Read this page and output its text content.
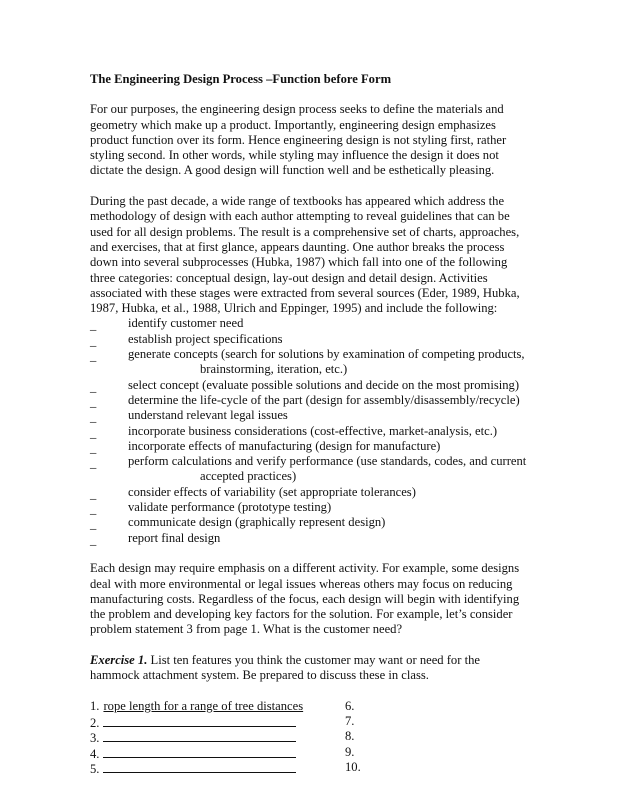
The Engineering Design Process –Function before Form

For our purposes, the engineering design process seeks to define the materials and geometry which make up a product. Importantly, engineering design emphasizes product function over its form. Hence engineering design is not styling first, rather styling second. In other words, while styling may influence the design it does not dictate the design. A good design will function well and be esthetically pleasing.

During the past decade, a wide range of textbooks has appeared which address the methodology of design with each author attempting to reveal guidelines that can be used for all design problems. The result is a comprehensive set of charts, approaches, and exercises, that at first glance, appears daunting. One author breaks the process down into several subprocesses (Hubka, 1987) which fall into one of the following three categories: conceptual design, lay-out design and detail design. Activities associated with these stages were extracted from several sources (Eder, 1989, Hubka, 1987, Hubka, et al., 1988, Ulrich and Eppinger, 1995) and include the following:

_	identify customer need
_	establish project specifications
_	generate concepts (search for solutions by examination of competing products,
brainstorming, iteration, etc.)
_	select concept (evaluate possible solutions and decide on the most promising)
_	determine the life-cycle of the part (design for assembly/disassembly/recycle)
_	understand relevant legal issues
_	incorporate business considerations (cost-effective, market-analysis, etc.)
_	incorporate effects of manufacturing (design for manufacture)
_	perform calculations and verify performance (use standards, codes, and current
accepted practices)
_	consider effects of variability (set appropriate tolerances)
_	validate performance (prototype testing)
_	communicate design (graphically represent design)
_	report final design

Each design may require emphasis on a different activity. For example, some designs deal with more environmental or legal issues whereas others may focus on reducing manufacturing costs. Regardless of the focus, each design will begin with identifying the problem and developing key factors for the solution. For example, let’s consider problem statement 3 from page 1. What is the customer need?

Exercise 1. List ten features you think the customer may want or need for the hammock attachment system. Be prepared to discuss these in class.

1. rope length for a range of tree distances
2.
3.
4.
5.
6.
7.
8.
9.
10.
